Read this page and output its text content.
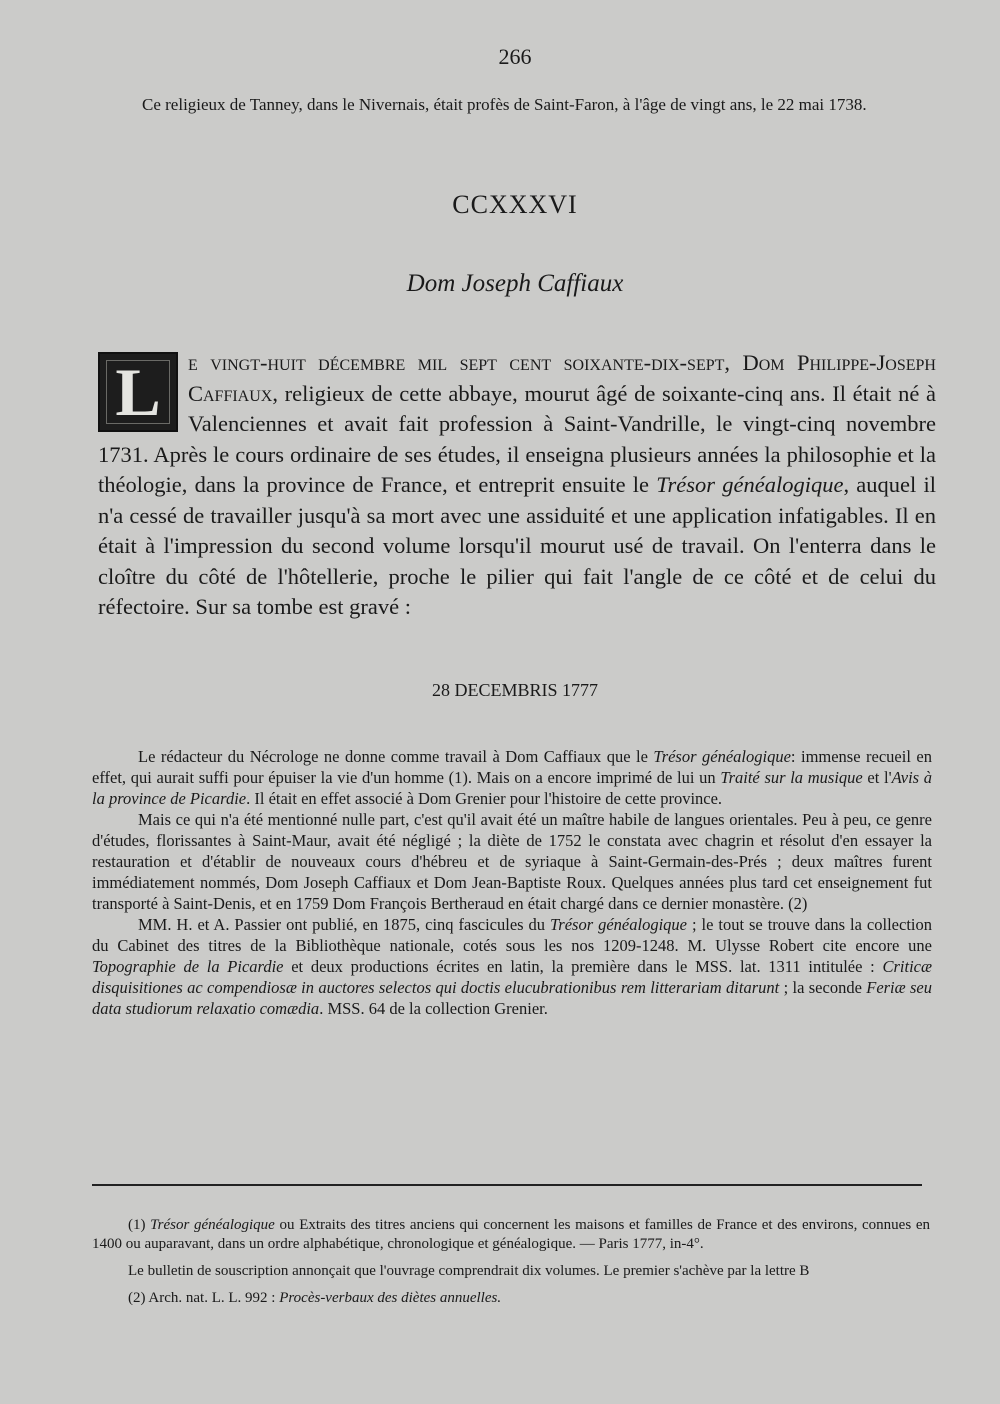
266
Ce religieux de Tanney, dans le Nivernais, était profès de Saint-Faron, à l'âge de vingt ans, le 22 mai 1738.
CCXXXVI
Dom Joseph Caffiaux
L	e vingt-huit décembre mil sept cent soixante-dix-sept, Dom Philippe-Joseph Caffiaux, religieux de cette abbaye, mourut âgé de soixante-cinq ans. Il était né à Valenciennes et avait fait profession à Saint-Vandrille, le vingt-cinq novembre 1731. Après le cours ordinaire de ses études, il enseigna plusieurs années la philosophie et la théologie, dans la province de France, et entreprit ensuite le Trésor généalogique, auquel il n'a cessé de travailler jusqu'à sa mort avec une assiduité et une application infatigables. Il en était à l'impression du second volume lorsqu'il mourut usé de travail. On l'enterra dans le cloître du côté de l'hôtellerie, proche le pilier qui fait l'angle de ce côté et de celui du réfectoire. Sur sa tombe est gravé :
28 DECEMBRIS 1777

Le rédacteur du Nécrologe ne donne comme travail à Dom Caffiaux que le Trésor généalogique: immense recueil en effet, qui aurait suffi pour épuiser la vie d'un homme (1). Mais on a encore imprimé de lui un Traité sur la musique et l'Avis à la province de Picardie. Il était en effet associé à Dom Grenier pour l'histoire de cette province.

Mais ce qui n'a été mentionné nulle part, c'est qu'il avait été un maître habile de langues orientales. Peu à peu, ce genre d'études, florissantes à Saint-Maur, avait été négligé ; la diète de 1752 le constata avec chagrin et résolut d'en essayer la restauration et d'établir de nouveaux cours d'hébreu et de syriaque à Saint-Germain-des-Prés ; deux maîtres furent immédiatement nommés, Dom Joseph Caffiaux et Dom Jean-Baptiste Roux. Quelques années plus tard cet enseignement fut transporté à Saint-Denis, et en 1759 Dom François Bertheraud en était chargé dans ce dernier monastère. (2)

MM. H. et A. Passier ont publié, en 1875, cinq fascicules du Trésor généalogique ; le tout se trouve dans la collection du Cabinet des titres de la Bibliothèque nationale, cotés sous les nos 1209-1248. M. Ulysse Robert cite encore une Topographie de la Picardie et deux productions écrites en latin, la première dans le MSS. lat. 1311 intitulée : Criticæ disquisitiones ac compendiosæ in auctores selectos qui doctis elucubrationibus rem litterariam ditarunt ; la seconde Feriæ seu data studiorum relaxatio comædia. MSS. 64 de la collection Grenier.

(1) Trésor généalogique ou Extraits des titres anciens qui concernent les maisons et familles de France et des environs, connues en 1400 ou auparavant, dans un ordre alphabétique, chronologique et généalogique. — Paris 1777, in-4°.

Le bulletin de souscription annonçait que l'ouvrage comprendrait dix volumes. Le premier s'achève par la lettre B

(2) Arch. nat. L. L. 992 : Procès-verbaux des diètes annuelles.
